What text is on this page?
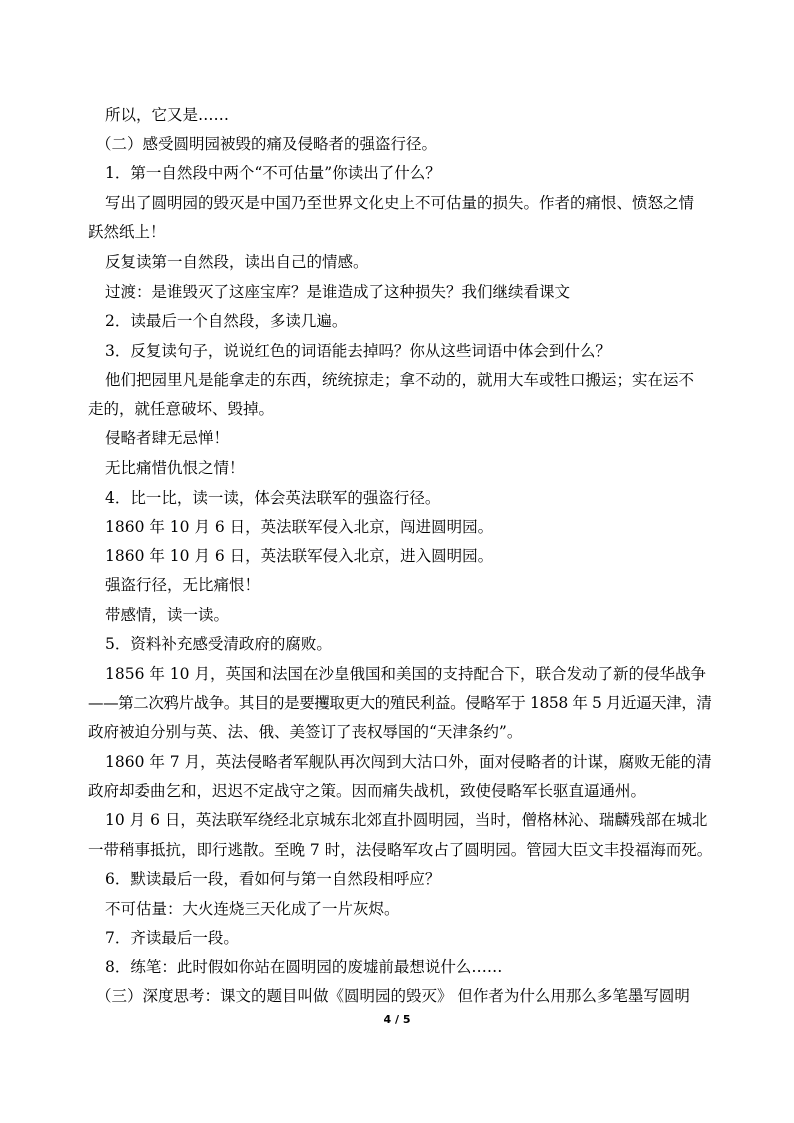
所以，它又是……
（二）感受圆明园被毁的痛及侵略者的强盗行径。
1．第一自然段中两个“不可估量”你读出了什么？
写出了圆明园的毁灭是中国乃至世界文化史上不可估量的损失。作者的痛恨、愤怒之情
跃然纸上！
反复读第一自然段，读出自己的情感。
过渡：是谁毁灭了这座宝库？是谁造成了这种损失？我们继续看课文
2．读最后一个自然段，多读几遍。
3．反复读句子，说说红色的词语能去掉吗？你从这些词语中体会到什么？
他们把园里凡是能拿走的东西，统统掠走；拿不动的，就用大车或牲口搬运；实在运不
走的，就任意破坏、毁掉。
侵略者肆无忌惮！
无比痛惜仇恨之情！
4．比一比，读一读，体会英法联军的强盗行径。
1860 年 10 月 6 日，英法联军侵入北京，闯进圆明园。
1860 年 10 月 6 日，英法联军侵入北京，进入圆明园。
强盗行径，无比痛恨！
带感情，读一读。
5．资料补充感受清政府的腐败。
1856 年 10 月，英国和法国在沙皇俄国和美国的支持配合下，联合发动了新的侵华战争
——第二次鸦片战争。其目的是要攫取更大的殖民利益。侵略军于 1858 年 5 月近逼天津，清
政府被迫分别与英、法、俄、美签订了丧权辱国的“天津条约”。
1860 年 7 月，英法侵略者军舰队再次闯到大沽口外，面对侵略者的计谋，腐败无能的清
政府却委曲乞和，迟迟不定战守之策。因而痛失战机，致使侵略军长驱直逼通州。
10 月 6 日，英法联军绕经北京城东北郊直扑圆明园，当时，僧格林沁、瑞麟残部在城北
一带稍事抵抗，即行逃散。至晚 7 时，法侵略军攻占了圆明园。管园大臣文丰投福海而死。
6．默读最后一段，看如何与第一自然段相呼应？
不可估量：大火连烧三天化成了一片灰烬。
7．齐读最后一段。
8．练笔：此时假如你站在圆明园的废墟前最想说什么……
（三）深度思考：课文的题目叫做《圆明园的毁灭》 但作者为什么用那么多笔墨写圆明
4 / 5
